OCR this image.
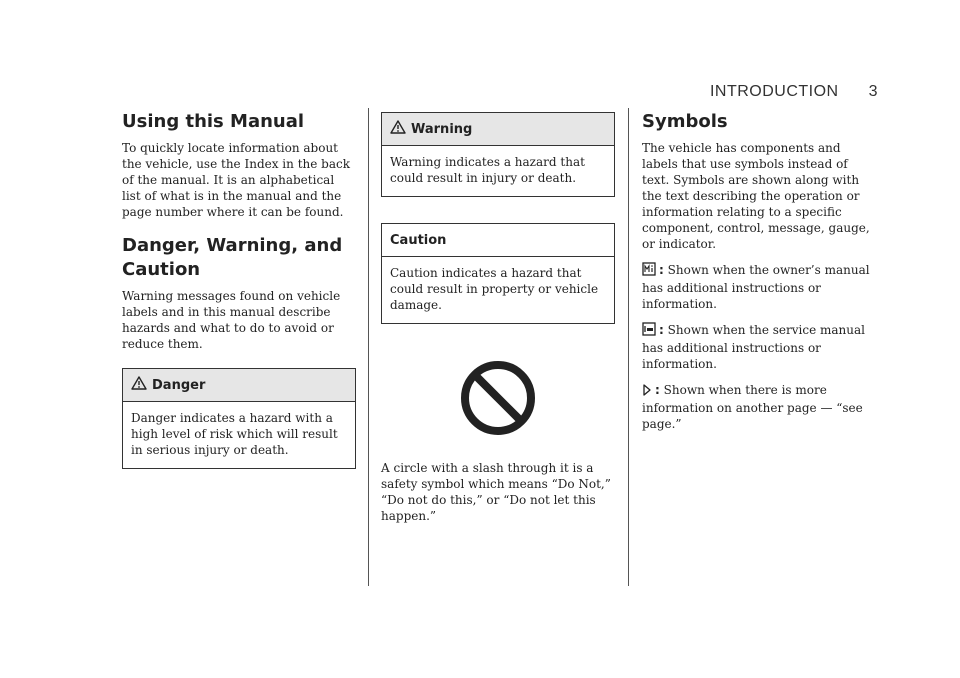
INTRODUCTION 3
Using this Manual

To quickly locate information about the vehicle, use the Index in the back of the manual. It is an alphabetical list of what is in the manual and the page number where it can be found.

Danger, Warning, and Caution

Warning messages found on vehicle labels and in this manual describe hazards and what to do to avoid or reduce them.

Danger

Danger indicates a hazard with a high level of risk which will result in serious injury or death.

Warning

Warning indicates a hazard that could result in injury or death.

Caution

Caution indicates a hazard that could result in property or vehicle damage.

A circle with a slash through it is a safety symbol which means “Do Not,” “Do not do this,” or “Do not let this happen.”

Symbols

The vehicle has components and labels that use symbols instead of text. Symbols are shown along with the text describing the operation or information relating to a specific component, control, message, gauge, or indicator.

: Shown when the owner’s manual has additional instructions or information.

: Shown when the service manual has additional instructions or information.

: Shown when there is more information on another page — “see page.”
